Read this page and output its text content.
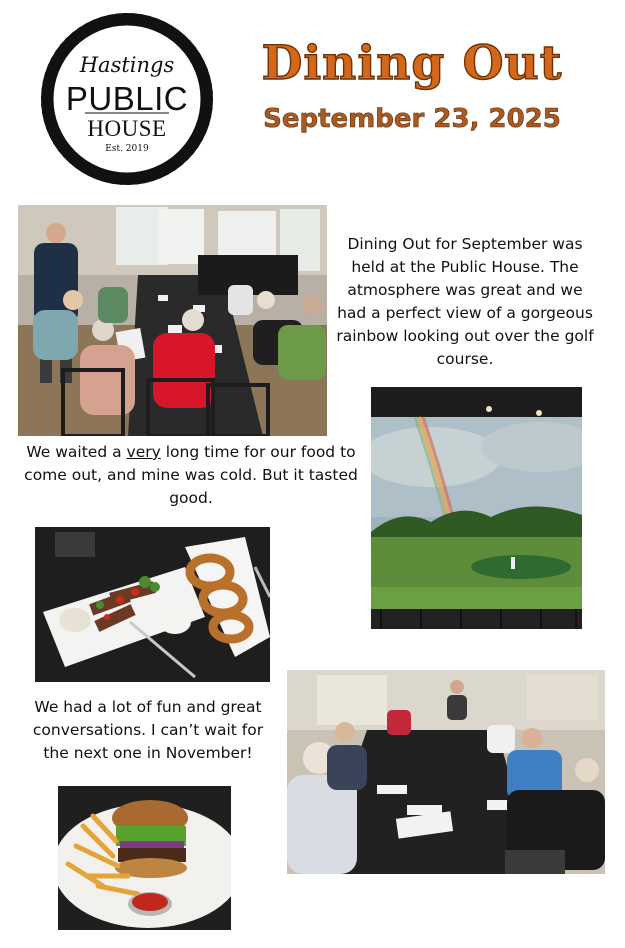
Hastings
PUBLIC
HOUSE
Est. 2019
Dining Out
September 23, 2025
Dining Out for September was held at the Public House. The atmosphere was great and we had a perfect view of a gorgeous rainbow looking out over the golf course.
We waited a very long time for our food to come out, and mine was cold. But it tasted good.
We had a lot of fun and great conversations. I can’t wait for the next one in November!
